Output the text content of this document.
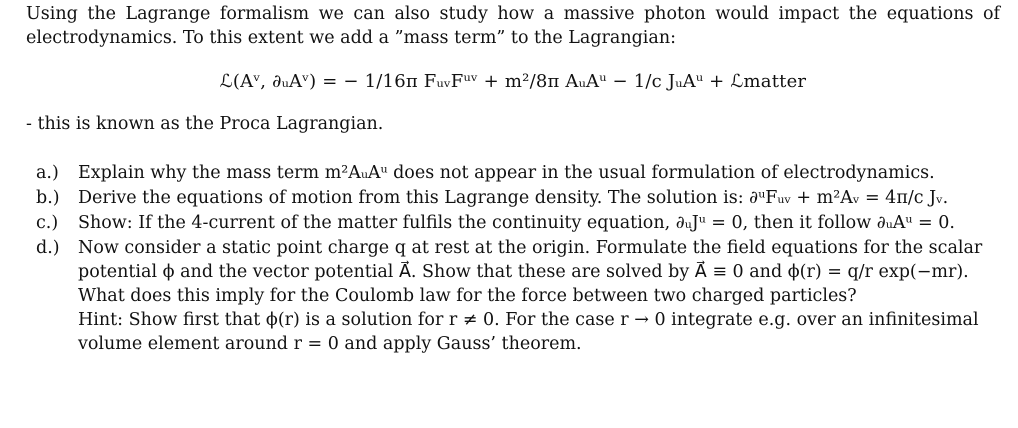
Using the Lagrange formalism we can also study how a massive photon would impact the equations of electrodynamics. To this extent we add a ”mass term” to the Lagrangian:

ℒ(Aᵛ, ∂ᵤAᵛ) = − 1/16π FᵤᵥFᵘᵛ + m²/8π AᵤAᵘ − 1/c JᵤAᵘ + ℒmatter

- this is known as the Proca Lagrangian.

a.)	Explain why the mass term m²AᵤAᵘ does not appear in the usual formulation of electrodynamics.
b.)	Derive the equations of motion from this Lagrange density. The solution is: ∂ᵘFᵤᵥ + m²Aᵥ = 4π/c Jᵥ.
c.)	Show: If the 4-current of the matter fulfils the continuity equation, ∂ᵤJᵘ = 0, then it follow ∂ᵤAᵘ = 0.
d.)	Now consider a static point charge q at rest at the origin. Formulate the field equations for the scalar potential ϕ and the vector potential A⃗. Show that these are solved by A⃗ ≡ 0 and ϕ(r) = q/r exp(−mr).
What does this imply for the Coulomb law for the force between two charged particles?
Hint: Show first that ϕ(r) is a solution for r ≠ 0. For the case r → 0 integrate e.g. over an infinitesimal volume element around r = 0 and apply Gauss’ theorem.
